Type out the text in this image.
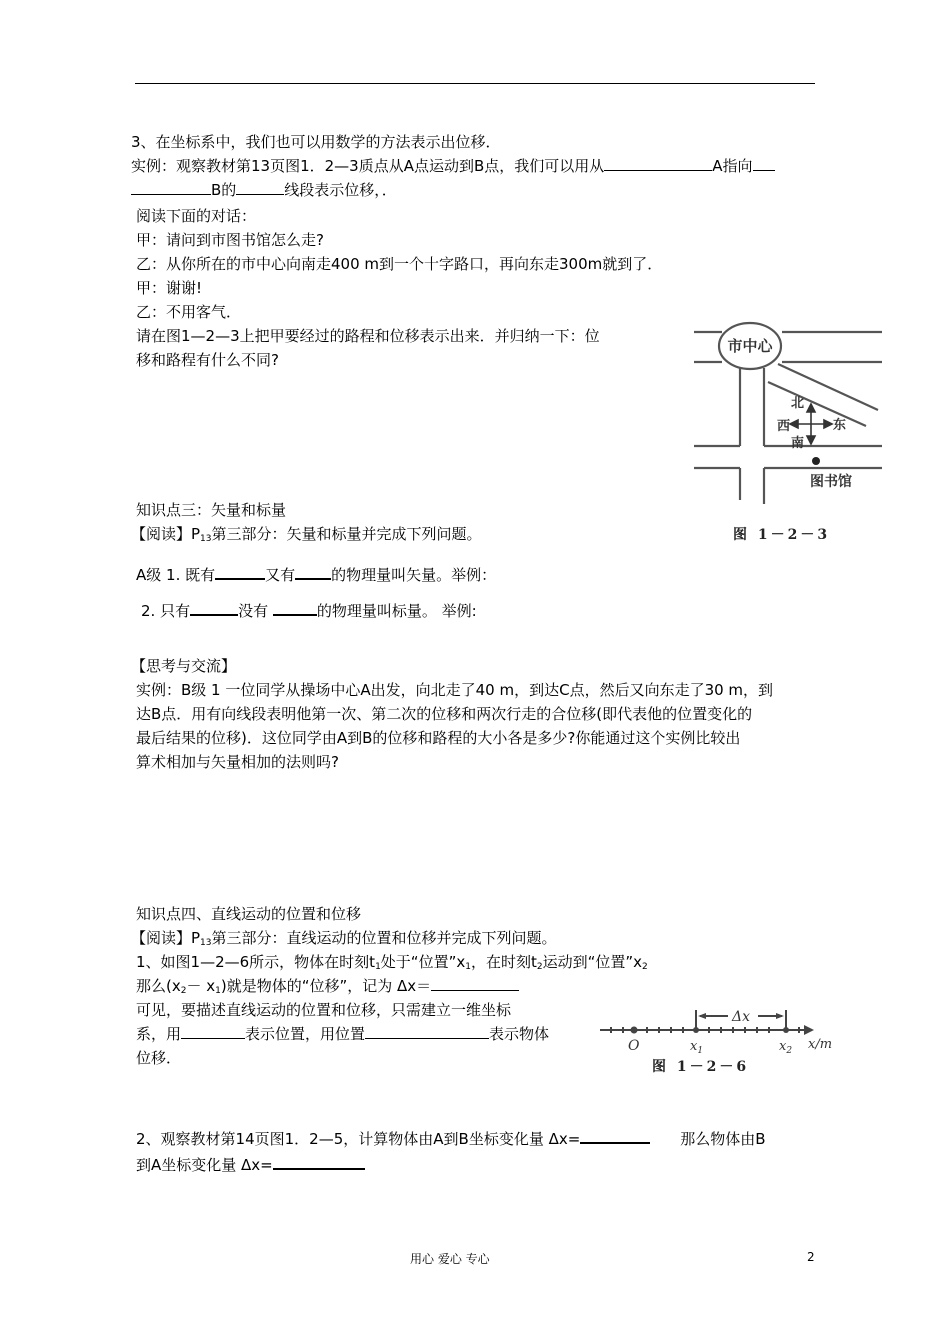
3、在坐标系中，我们也可以用数学的方法表示出位移．
实例：观察教材第13页图1．2—3质点从A点运动到B点，我们可以用从	A指向
B的	线段表示位移，．
阅读下面的对话：
甲：请问到市图书馆怎么走?
乙：从你所在的市中心向南走400 m到一个十字路口，再向东走300m就到了．
甲：谢谢!
乙：不用客气．
请在图1—2—3上把甲要经过的路程和位移表示出来．并归纳一下：位
移和路程有什么不同?
市中心
北
西	东
南
图书馆
图 1－2－3
知识点三：矢量和标量
【阅读】$P_{13}$第三部分：矢量和标量并完成下列问题。
A级 1. 既有	又有 的物理量叫矢量。举例：
2. 只有	没有	的物理量叫标量。 举例:
【思考与交流】
实例：B级 1 一位同学从操场中心A出发，向北走了40 m，到达C点，然后又向东走了30 m，到
达B点．用有向线段表明他第一次、第二次的位移和两次行走的合位移(即代表他的位置变化的
最后结果的位移)．这位同学由A到B的位移和路程的大小各是多少?你能通过这个实例比较出
算术相加与矢量相加的法则吗?
知识点四、直线运动的位置和位移
【阅读】$P_{13}$第三部分：直线运动的位置和位移并完成下列问题。
1、如图1—2—6所示，物体在时刻$t_1$处于“位置$”x_1$，在时刻$t_2$运动到“位置$”x_2$
那么$(x_2- x_1)$就是物体的“位移”，记为 Δx＝
可见，要描述直线运动的位置和位移，只需建立一维坐标
系，用	表示位置，用位置	表示物体
位移．
Δx
O	$x_1$	$x_2$ x/m
图 1－2－6
2、观察教材第14页图1．2—5，计算物体由A到B坐标变化量 Δx=	那么物体由B
到A坐标变化量 Δx=
用心 爱心 专心	2
